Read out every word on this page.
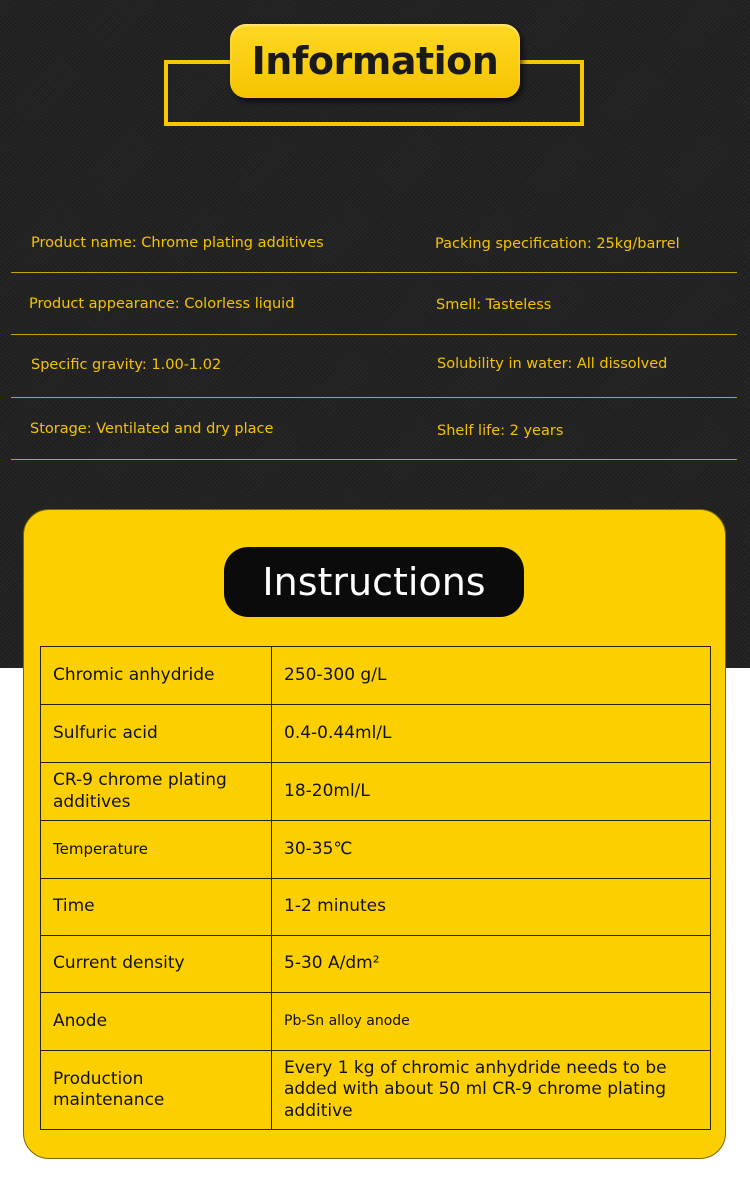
Information
Product name: Chrome plating additives	Packing specification: 25kg/barrel
Product appearance: Colorless liquid	Smell: Tasteless
Specific gravity: 1.00-1.02	Solubility in water: All dissolved
Storage: Ventilated and dry place	Shelf life: 2 years
Instructions
Chromic anhydride	250-300 g/L
Sulfuric acid	0.4-0.44ml/L
CR-9 chrome plating additives	18-20ml/L
Temperature	30-35℃
Time	1-2 minutes
Current density	5-30 A/dm²
Anode	Pb-Sn alloy anode
Production maintenance	Every 1 kg of chromic anhydride needs to be added with about 50 ml CR-9 chrome plating additive
